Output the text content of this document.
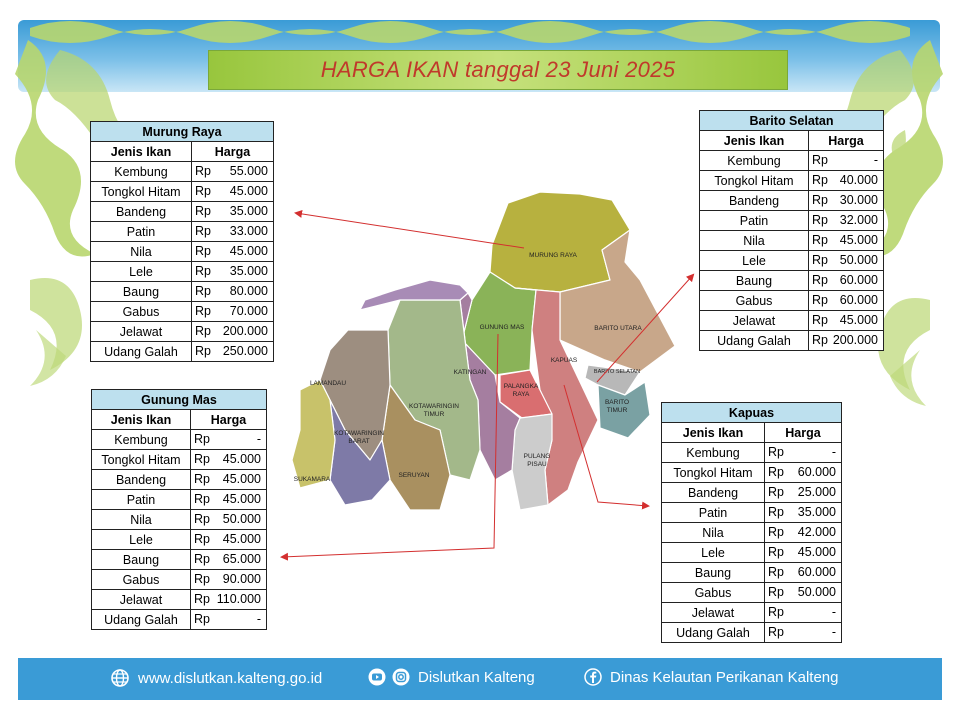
HARGA IKAN tanggal 23 Juni 2025
MURUNG RAYA
GUNUNG MAS	BARITO UTARA
LAMANDAU
KATINGAN
KAPUAS
PALANGKA
RAYA
BARITO SELATAN
BARITO
TIMUR
KOTAWARINGIN
TIMUR
KOTAWARINGIN
BARAT
SERUYAN
PULANG
PISAU
SUKAMARA
Murung Raya	
Jenis Ikan	Harga
Kembung	Rp 55.000

Tongkol Hitam	Rp 45.000

Bandeng	Rp 35.000

Patin	Rp 33.000

Nila	Rp 45.000

Lele	Rp 35.000

Baung	Rp 80.000

Gabus	Rp 70.000

Jelawat	Rp 200.000

Udang Galah	Rp 250.000
Gunung Mas	
Jenis Ikan	Harga
Kembung	Rp -

Tongkol Hitam	Rp 45.000

Bandeng	Rp 45.000

Patin	Rp 45.000

Nila	Rp 50.000

Lele	Rp 45.000

Baung	Rp 65.000

Gabus	Rp 90.000

Jelawat	Rp 110.000

Udang Galah	Rp -
Barito Selatan	
Jenis Ikan	Harga
Kembung	Rp -

Tongkol Hitam	Rp 40.000

Bandeng	Rp 30.000

Patin	Rp 32.000

Nila	Rp 45.000

Lele	Rp 50.000

Baung	Rp 60.000

Gabus	Rp 60.000

Jelawat	Rp 45.000

Udang Galah	Rp 200.000
Kapuas	
Jenis Ikan	Harga
Kembung	Rp -

Tongkol Hitam	Rp 60.000

Bandeng	Rp 25.000

Patin	Rp 35.000

Nila	Rp 42.000

Lele	Rp 45.000

Baung	Rp 60.000

Gabus	Rp 50.000

Jelawat	Rp -

Udang Galah	Rp -
www.dislutkan.kalteng.go.id	Dislutkan Kalteng	Dinas Kelautan Perikanan Kalteng
